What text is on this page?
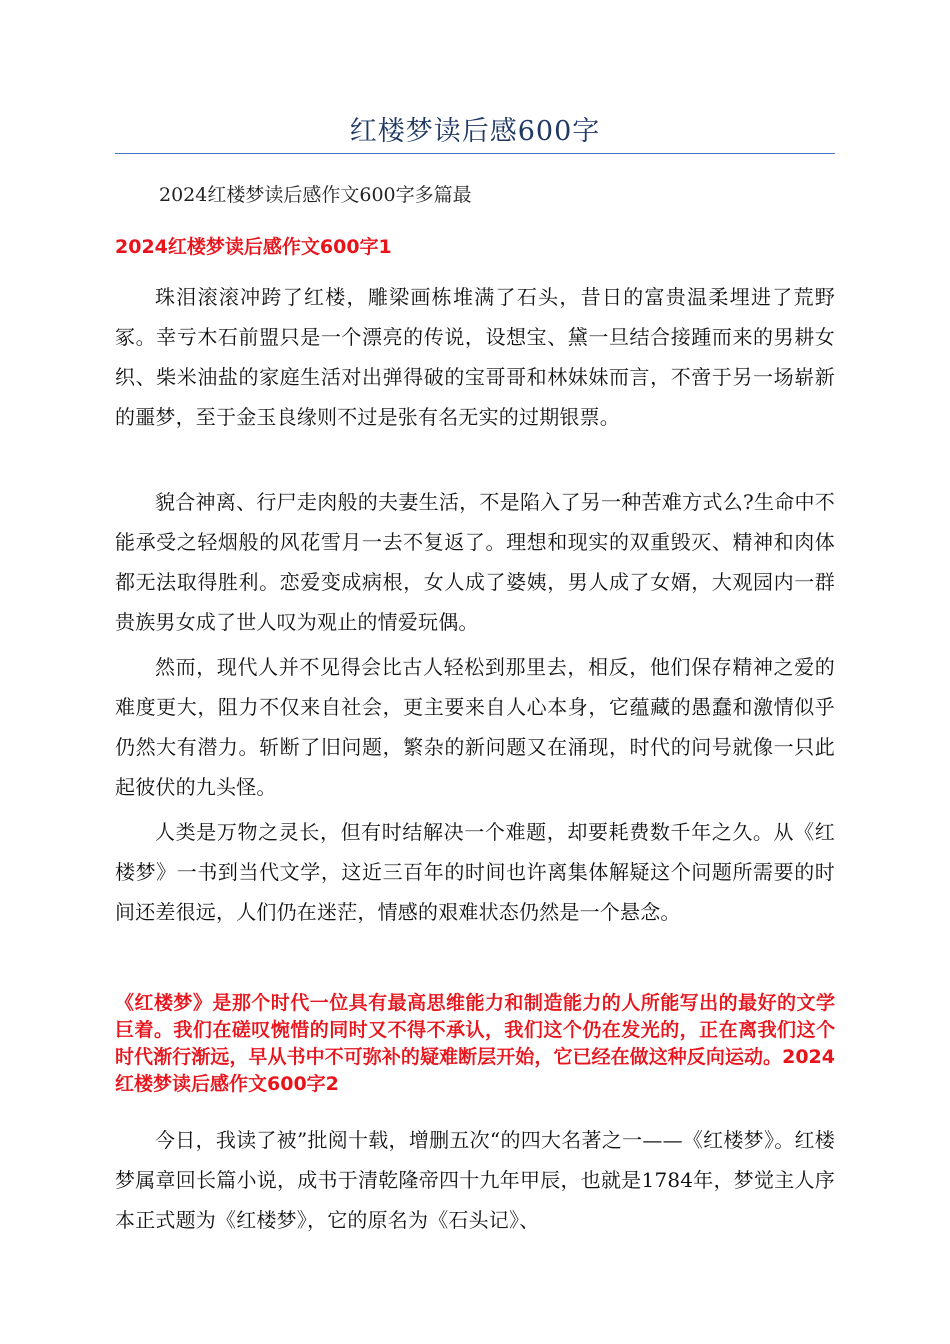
红楼梦读后感600字
2024红楼梦读后感作文600字多篇最
2024红楼梦读后感作文600字1
珠泪滚滚冲跨了红楼，雕梁画栋堆满了石头，昔日的富贵温柔埋进了荒野冢。幸亏木石前盟只是一个漂亮的传说，设想宝、黛一旦结合接踵而来的男耕女织、柴米油盐的家庭生活对出弹得破的宝哥哥和林妹妹而言，不啻于另一场崭新的噩梦，至于金玉良缘则不过是张有名无实的过期银票。
貌合神离、行尸走肉般的夫妻生活，不是陷入了另一种苦难方式么?生命中不能承受之轻烟般的风花雪月一去不复返了。理想和现实的双重毁灭、精神和肉体都无法取得胜利。恋爱变成病根，女人成了婆姨，男人成了女婿，大观园内一群贵族男女成了世人叹为观止的情爱玩偶。
然而，现代人并不见得会比古人轻松到那里去，相反，他们保存精神之爱的难度更大，阻力不仅来自社会，更主要来自人心本身，它蕴藏的愚蠢和激情似乎仍然大有潜力。斩断了旧问题，繁杂的新问题又在涌现，时代的问号就像一只此起彼伏的九头怪。
人类是万物之灵长，但有时结解决一个难题，却要耗费数千年之久。从《红楼梦》一书到当代文学，这近三百年的时间也许离集体解疑这个问题所需要的时间还差很远，人们仍在迷茫，情感的艰难状态仍然是一个悬念。
《红楼梦》是那个时代一位具有最高思维能力和制造能力的人所能写出的最好的文学巨着。我们在磋叹惋惜的同时又不得不承认，我们这个仍在发光的，正在离我们这个时代渐行渐远，早从书中不可弥补的疑难断层开始，它已经在做这种反向运动。2024红楼梦读后感作文600字2
今日，我读了被”批阅十载，增删五次“的四大名著之一——《红楼梦》。红楼梦属章回长篇小说，成书于清乾隆帝四十九年甲辰，也就是1784年，梦觉主人序本正式题为《红楼梦》，它的原名为《石头记》、
